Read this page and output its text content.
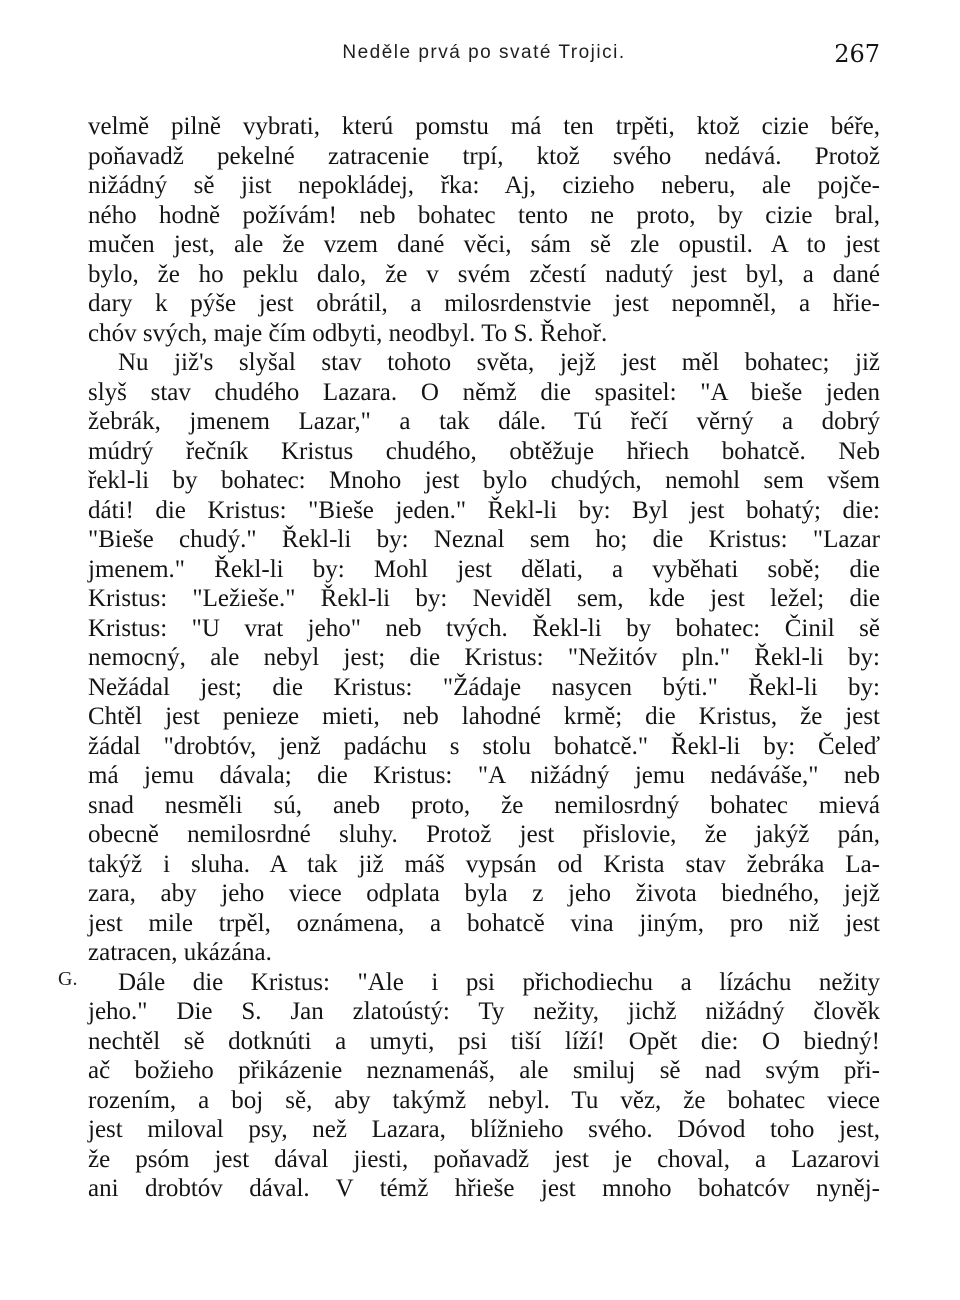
Neděle prvá po svaté Trojici.	267
velmě pilně vybrati, kterú pomstu má ten trpěti, ktož cizie béře,
poňavadž pekelné zatracenie trpí, ktož svého nedává. Protož
nižádný sě jist nepokládej, řka: Aj, cizieho neberu, ale pojče-
ného hodně požívám! neb bohatec tento ne proto, by cizie bral,
mučen jest, ale že vzem dané věci, sám sě zle opustil. A to jest
bylo, že ho peklu dalo, že v svém zčestí nadutý jest byl, a dané
dary k pýše jest obrátil, a milosrdenstvie jest nepomněl, a hřie-
chóv svých, maje čím odbyti, neodbyl. To S. Řehoř.
Nu již's slyšal stav tohoto světa, jejž jest měl bohatec; již
slyš stav chudého Lazara. O němž die spasitel: "A bieše jeden
žebrák, jmenem Lazar," a tak dále. Tú řečí věrný a dobrý
múdrý řečník Kristus chudého, obtěžuje hřiech bohatcě. Neb
řekl-li by bohatec: Mnoho jest bylo chudých, nemohl sem všem
dáti! die Kristus: "Bieše jeden." Řekl-li by: Byl jest bohatý; die:
"Bieše chudý." Řekl-li by: Neznal sem ho; die Kristus: "Lazar
jmenem." Řekl-li by: Mohl jest dělati, a vyběhati sobě; die
Kristus: "Ležieše." Řekl-li by: Neviděl sem, kde jest ležel; die
Kristus: "U vrat jeho" neb tvých. Řekl-li by bohatec: Činil sě
nemocný, ale nebyl jest; die Kristus: "Nežitóv pln." Řekl-li by:
Nežádal jest; die Kristus: "Žádaje nasycen býti." Řekl-li by:
Chtěl jest penieze mieti, neb lahodné krmě; die Kristus, že jest
žádal "drobtóv, jenž padáchu s stolu bohatcě." Řekl-li by: Čeleď
má jemu dávala; die Kristus: "A nižádný jemu nedáváše," neb
snad nesměli sú, aneb proto, že nemilosrdný bohatec mievá
obecně nemilosrdné sluhy. Protož jest přislovie, že jakýž pán,
takýž i sluha. A tak již máš vypsán od Krista stav žebráka La-
zara, aby jeho viece odplata byla z jeho života biedného, jejž
jest mile trpěl, oznámena, a bohatcě vina jiným, pro niž jest
zatracen, ukázána.
G.	Dále die Kristus: "Ale i psi přichodiechu a lízáchu nežity
jeho." Die S. Jan zlatoústý: Ty nežity, jichž nižádný člověk
nechtěl sě dotknúti a umyti, psi tiší líží! Opět die: O biedný!
ač božieho přikázenie neznamenáš, ale smiluj sě nad svým při-
rozením, a boj sě, aby takýmž nebyl. Tu věz, že bohatec viece
jest miloval psy, než Lazara, blížnieho svého. Dóvod toho jest,
že psóm jest dával jiesti, poňavadž jest je choval, a Lazarovi
ani drobtóv dával. V témž hřieše jest mnoho bohatcóv nyněj-
